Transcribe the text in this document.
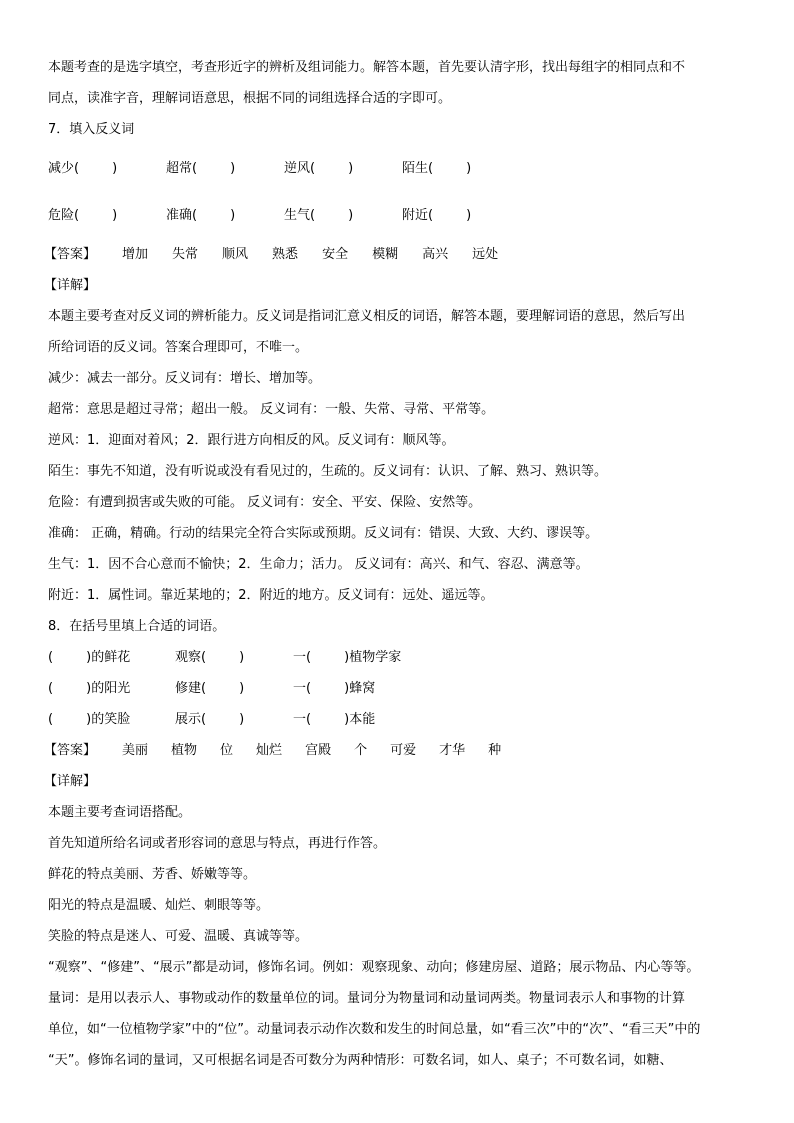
本题考查的是选字填空，考查形近字的辨析及组词能力。解答本题，首先要认清字形，找出每组字的相同点和不
同点，读准字音，理解词语意思，根据不同的词组选择合适的字即可。
7．填入反义词
减少(        )	超常(        )	逆风(        )	陌生(        )
危险(        )	准确(        )	生气(        )	附近(        )
【答案】	增加 失常 顺风 熟悉 安全 模糊 高兴 远处
【详解】
本题主要考查对反义词的辨析能力。反义词是指词汇意义相反的词语，解答本题，要理解词语的意思，然后写出
所给词语的反义词。答案合理即可，不唯一。
减少：减去一部分。反义词有：增长、增加等。
超常：意思是超过寻常；超出一般。 反义词有：一般、失常、寻常、平常等。
逆风：1．迎面对着风；2．跟行进方向相反的风。反义词有：顺风等。
陌生：事先不知道，没有听说或没有看见过的，生疏的。反义词有：认识、了解、熟习、熟识等。
危险：有遭到损害或失败的可能。 反义词有：安全、平安、保险、安然等。
准确： 正确，精确。行动的结果完全符合实际或预期。反义词有：错误、大致、大约、谬误等。
生气：1．因不合心意而不愉快；2．生命力；活力。 反义词有：高兴、和气、容忍、满意等。
附近：1．属性词。靠近某地的；2．附近的地方。反义词有：远处、遥远等。
8．在括号里填上合适的词语。
(        )的鲜花	观察(        )	一(        )植物学家
(        )的阳光	修建(        )	一(        )蜂窝
(        )的笑脸	展示(        )	一(        )本能
【答案】	美丽 植物 位 灿烂 宫殿 个 可爱 才华 种
【详解】
本题主要考查词语搭配。
首先知道所给名词或者形容词的意思与特点，再进行作答。
鲜花的特点美丽、芳香、娇嫩等等。
阳光的特点是温暖、灿烂、刺眼等等。
笑脸的特点是迷人、可爱、温暖、真诚等等。
“观察”、“修建”、“展示”都是动词，修饰名词。例如：观察现象、动向；修建房屋、道路；展示物品、内心等等。
量词：是用以表示人、事物或动作的数量单位的词。量词分为物量词和动量词两类。物量词表示人和事物的计算
单位，如“一位植物学家”中的“位”。动量词表示动作次数和发生的时间总量，如“看三次”中的“次”、“看三天”中的
“天”。修饰名词的量词，又可根据名词是否可数分为两种情形：可数名词，如人、桌子；不可数名词，如糖、
